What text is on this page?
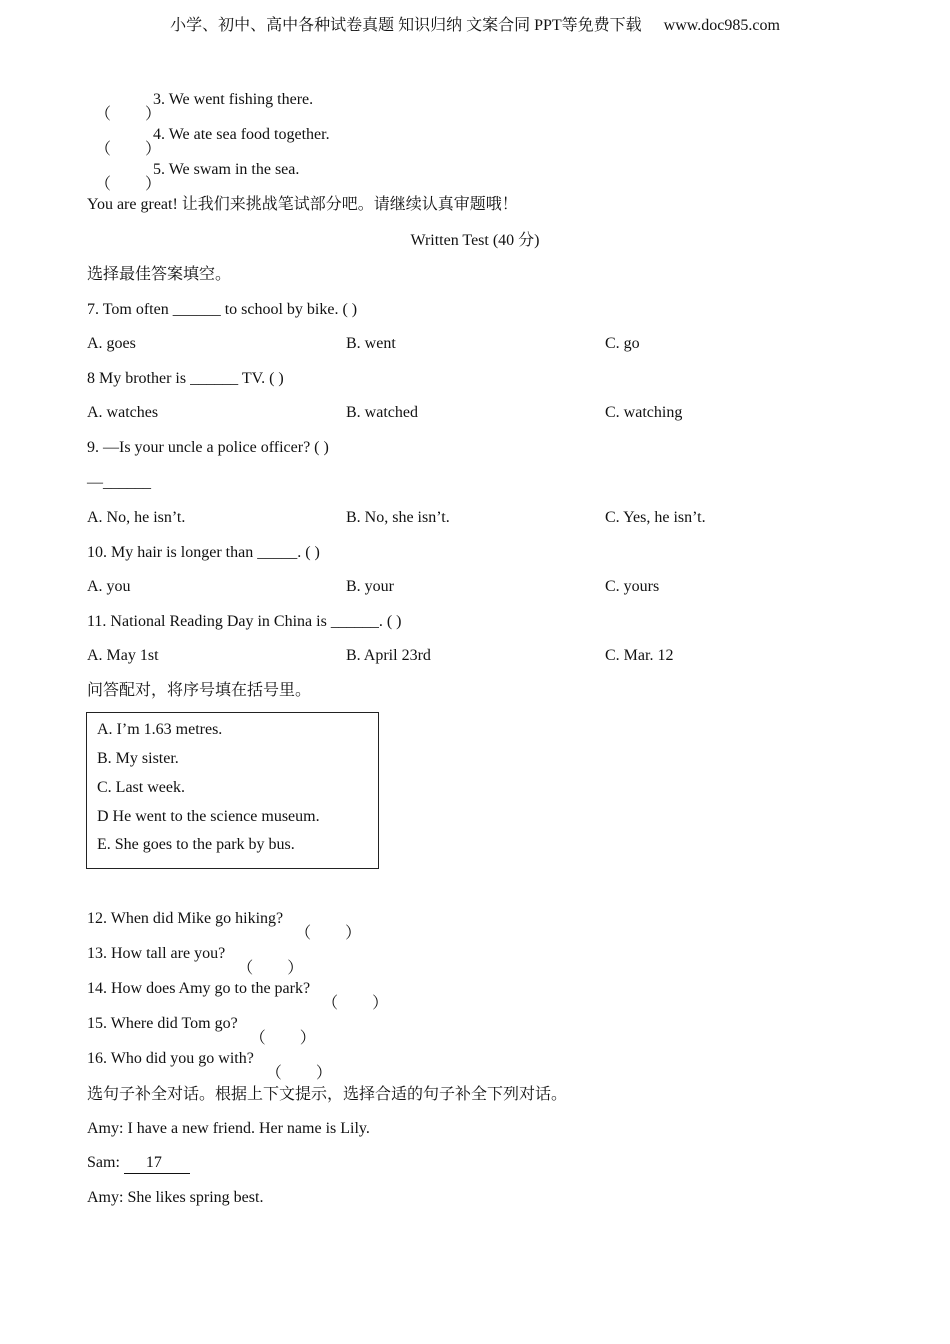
小学、初中、高中各种试卷真题 知识归纳 文案合同 PPT等免费下载 www.doc985.com
（ ）
3. We went fishing there.
（ ）
4. We ate sea food together.
（ ）
5. We swam in the sea.
You are great! 让我们来挑战笔试部分吧。请继续认真审题哦！
Written Test (40 分)
选择最佳答案填空。
7. Tom often ______ to school by bike. ( )
A. goes	B. went	C. go
8 My brother is ______ TV. ( )
A. watches	B. watched	C. watching
9. —Is your uncle a police officer? ( )
—______
A. No, he isn’t.	B. No, she isn’t.	C. Yes, he isn’t.
10. My hair is longer than _____. ( )
A. you	B. your	C. yours
11. National Reading Day in China is ______. ( )
A. May 1st	B. April 23rd	C. Mar. 12
问答配对，将序号填在括号里。
A. I’m 1.63 metres.
B. My sister.
C. Last week.
D He went to the science museum.
E. She goes to the park by bus.
12. When did Mike go hiking?
（ ）
13. How tall are you?
（ ）
14. How does Amy go to the park?
（ ）
15. Where did Tom go?
（ ）
16. Who did you go with?
（ ）
选句子补全对话。根据上下文提示，选择合适的句子补全下列对话。
Amy: I have a new friend. Her name is Lily.
Sam: 17
Amy: She likes spring best.
